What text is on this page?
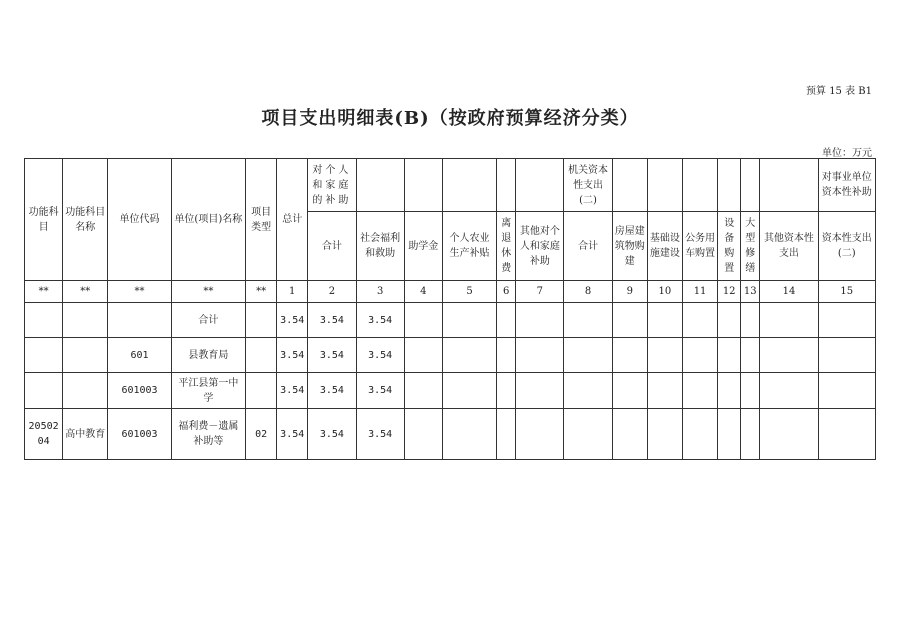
预算 15 表 B1
项目支出明细表(B)（按政府预算经济分类）
单位：万元
功能科目	功能科目名称	单位代码	单位(项目)名称	项目类型	总计	对个人和家庭的补助						机关资本性支出(二)							对事业单位资本性补助
						合计	社会福利和救助	助学金	个人农业生产补贴	离退休费	其他对个人和家庭补助	合计	房屋建筑物购建	基础设施建设	公务用车购置	设备购置	大型修缮	其他资本性支出	资本性支出(二)
**	**	**	**	**	1	2	3	4	5	6	7	8	9	10	11	12	13	14	15
			合计		3.54	3.54	3.54												
		601	县教育局		3.54	3.54	3.54												
		601003	平江县第一中学		3.54	3.54	3.54												
2050204	高中教育	601003	福利费－遗属补助等	02	3.54	3.54	3.54												
